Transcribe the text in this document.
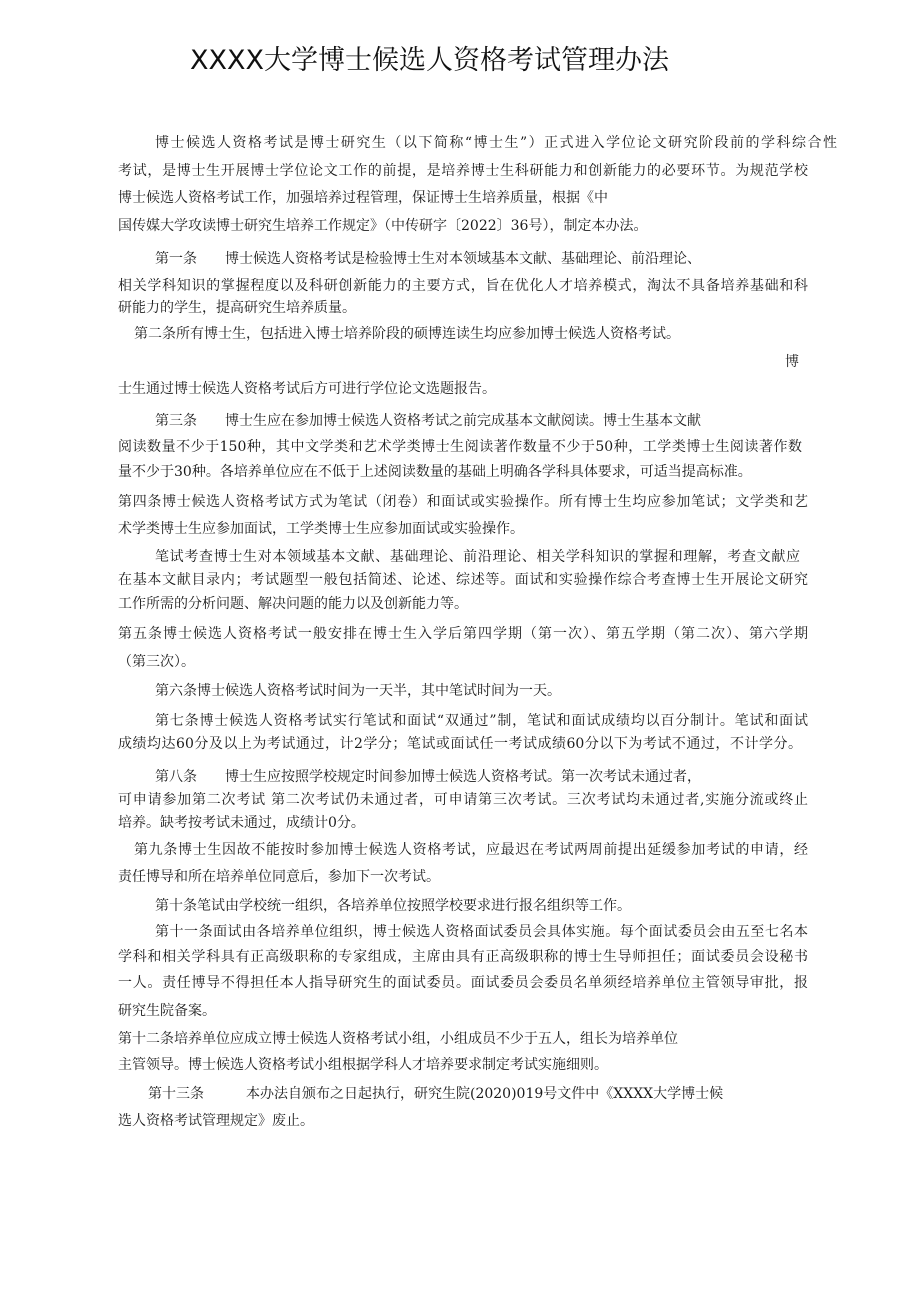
XXXX大学博士候选人资格考试管理办法
博士候选人资格考试是博士研究生（以下简称“博士生”）正式进入学位论文研究阶段前的学科综合性
考试，是博士生开展博士学位论文工作的前提，是培养博士生科研能力和创新能力的必要环节。为规范学校
博士候选人资格考试工作，加强培养过程管理，保证博士生培养质量，根据《中
国传媒大学攻读博士研究生培养工作规定》（中传研字〔2022〕36号），制定本办法。
第一条　　博士候选人资格考试是检验博士生对本领域基本文献、基础理论、前沿理论、
相关学科知识的掌握程度以及科研创新能力的主要方式，旨在优化人才培养模式，淘汰不具备培养基础和科
研能力的学生，提高研究生培养质量。
第二条所有博士生，包括进入博士培养阶段的硕博连读生均应参加博士候选人资格考试。
博
士生通过博士候选人资格考试后方可进行学位论文选题报告。
第三条　　博士生应在参加博士候选人资格考试之前完成基本文献阅读。博士生基本文献
阅读数量不少于150种，其中文学类和艺术学类博士生阅读著作数量不少于50种，工学类博士生阅读著作数
量不少于30种。各培养单位应在不低于上述阅读数量的基础上明确各学科具体要求，可适当提高标准。
第四条博士候选人资格考试方式为笔试（闭卷）和面试或实验操作。所有博士生均应参加笔试；文学类和艺
术学类博士生应参加面试，工学类博士生应参加面试或实验操作。
笔试考查博士生对本领域基本文献、基础理论、前沿理论、相关学科知识的掌握和理解，考查文献应
在基本文献目录内；考试题型一般包括简述、论述、综述等。面试和实验操作综合考查博士生开展论文研究
工作所需的分析问题、解决问题的能力以及创新能力等。
第五条博士候选人资格考试一般安排在博士生入学后第四学期（第一次）、第五学期（第二次）、第六学期
（第三次）。
第六条博士候选人资格考试时间为一天半，其中笔试时间为一天。
第七条博士候选人资格考试实行笔试和面试“双通过”制，笔试和面试成绩均以百分制计。笔试和面试
成绩均达60分及以上为考试通过，计2学分；笔试或面试任一考试成绩60分以下为考试不通过，不计学分。
第八条　　博士生应按照学校规定时间参加博士候选人资格考试。第一次考试未通过者，
可申请参加第二次考试 第二次考试仍未通过者，可申请第三次考试。三次考试均未通过者,实施分流或终止
培养。缺考按考试未通过，成绩计0分。
第九条博士生因故不能按时参加博士候选人资格考试，应最迟在考试两周前提出延缓参加考试的申请，经
责任博导和所在培养单位同意后，参加下一次考试。
第十条笔试由学校统一组织，各培养单位按照学校要求进行报名组织等工作。
第十一条面试由各培养单位组织，博士候选人资格面试委员会具体实施。每个面试委员会由五至七名本
学科和相关学科具有正高级职称的专家组成，主席由具有正高级职称的博士生导师担任；面试委员会设秘书
一人。责任博导不得担任本人指导研究生的面试委员。面试委员会委员名单须经培养单位主管领导审批，报
研究生院备案。
第十二条培养单位应成立博士候选人资格考试小组，小组成员不少于五人，组长为培养单位
主管领导。博士候选人资格考试小组根据学科人才培养要求制定考试实施细则。
第十三条　　　本办法自颁布之日起执行，研究生院(2020)019号文件中《XXXX大学博士候
选人资格考试管理规定》废止。
